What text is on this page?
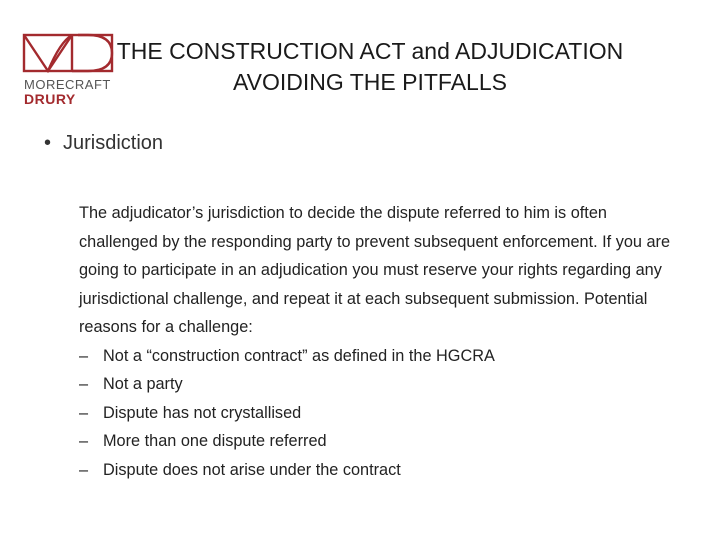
MORECRAFT
DRURY
THE CONSTRUCTION ACT and ADJUDICATION
AVOIDING THE PITFALLS
• Jurisdiction
The adjudicator’s jurisdiction to decide the dispute referred to him is often challenged by the responding party to prevent subsequent enforcement. If you are going to participate in an adjudication you must reserve your rights regarding any jurisdictional challenge, and repeat it at each subsequent submission. Potential reasons for a challenge:
– Not a “construction contract” as defined in the HGCRA
– Not a party
– Dispute has not crystallised
– More than one dispute referred
– Dispute does not arise under the contract
